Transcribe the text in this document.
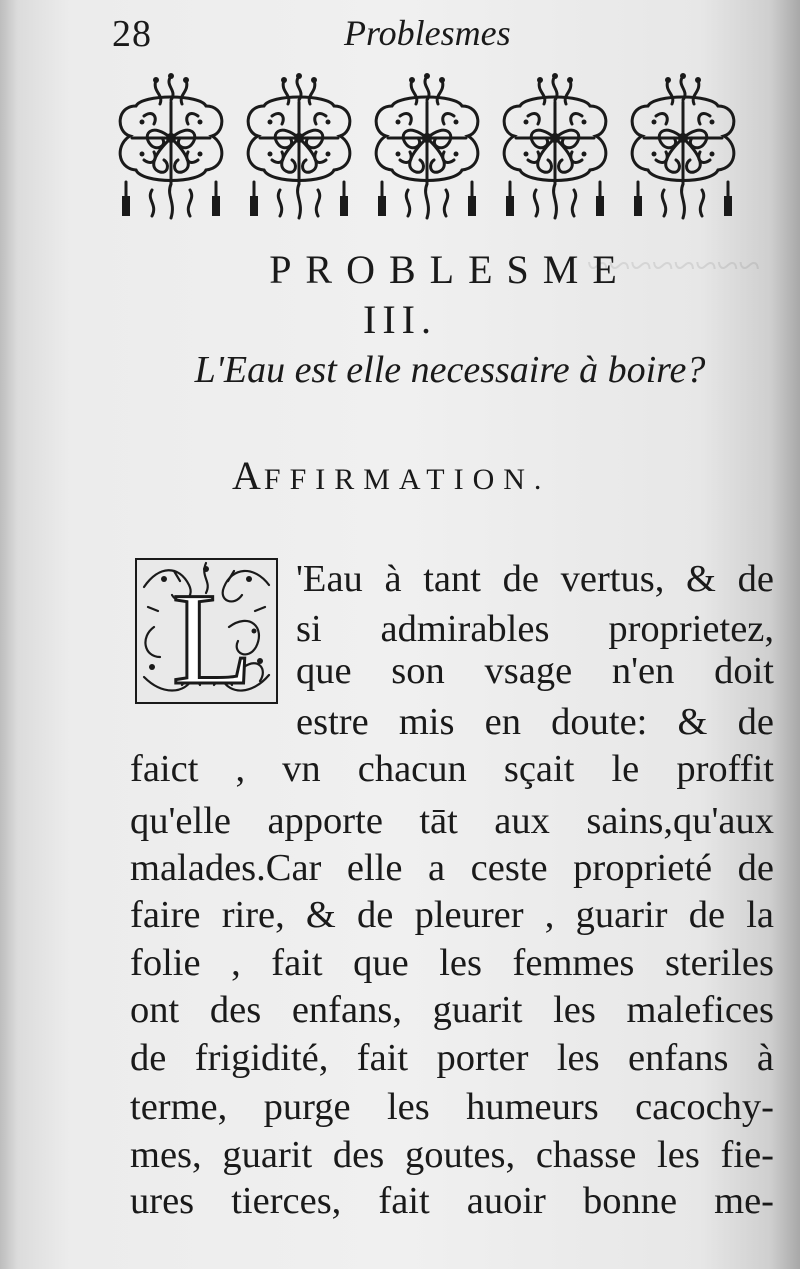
~~~~~~~~

28	Problesmes
PROBLESME
III.
L'Eau est elle necessaire à boire?
AFFIRMATION.
L 'Eau à tant de vertus, & de
si admirables proprietez,
que son vsage n'en doit
estre mis en doute: & de
faict , vn chacun sçait le proffit
qu'elle apporte tāt aux sains,qu'aux
malades.Car elle a ceste proprieté de
faire rire, & de pleurer , guarir de la
folie , fait que les femmes steriles
ont des enfans, guarit les malefices
de frigidité, fait porter les enfans à
terme, purge les humeurs cacochy-
mes, guarit des goutes, chasse les fie-
ures tierces, fait auoir bonne me-
